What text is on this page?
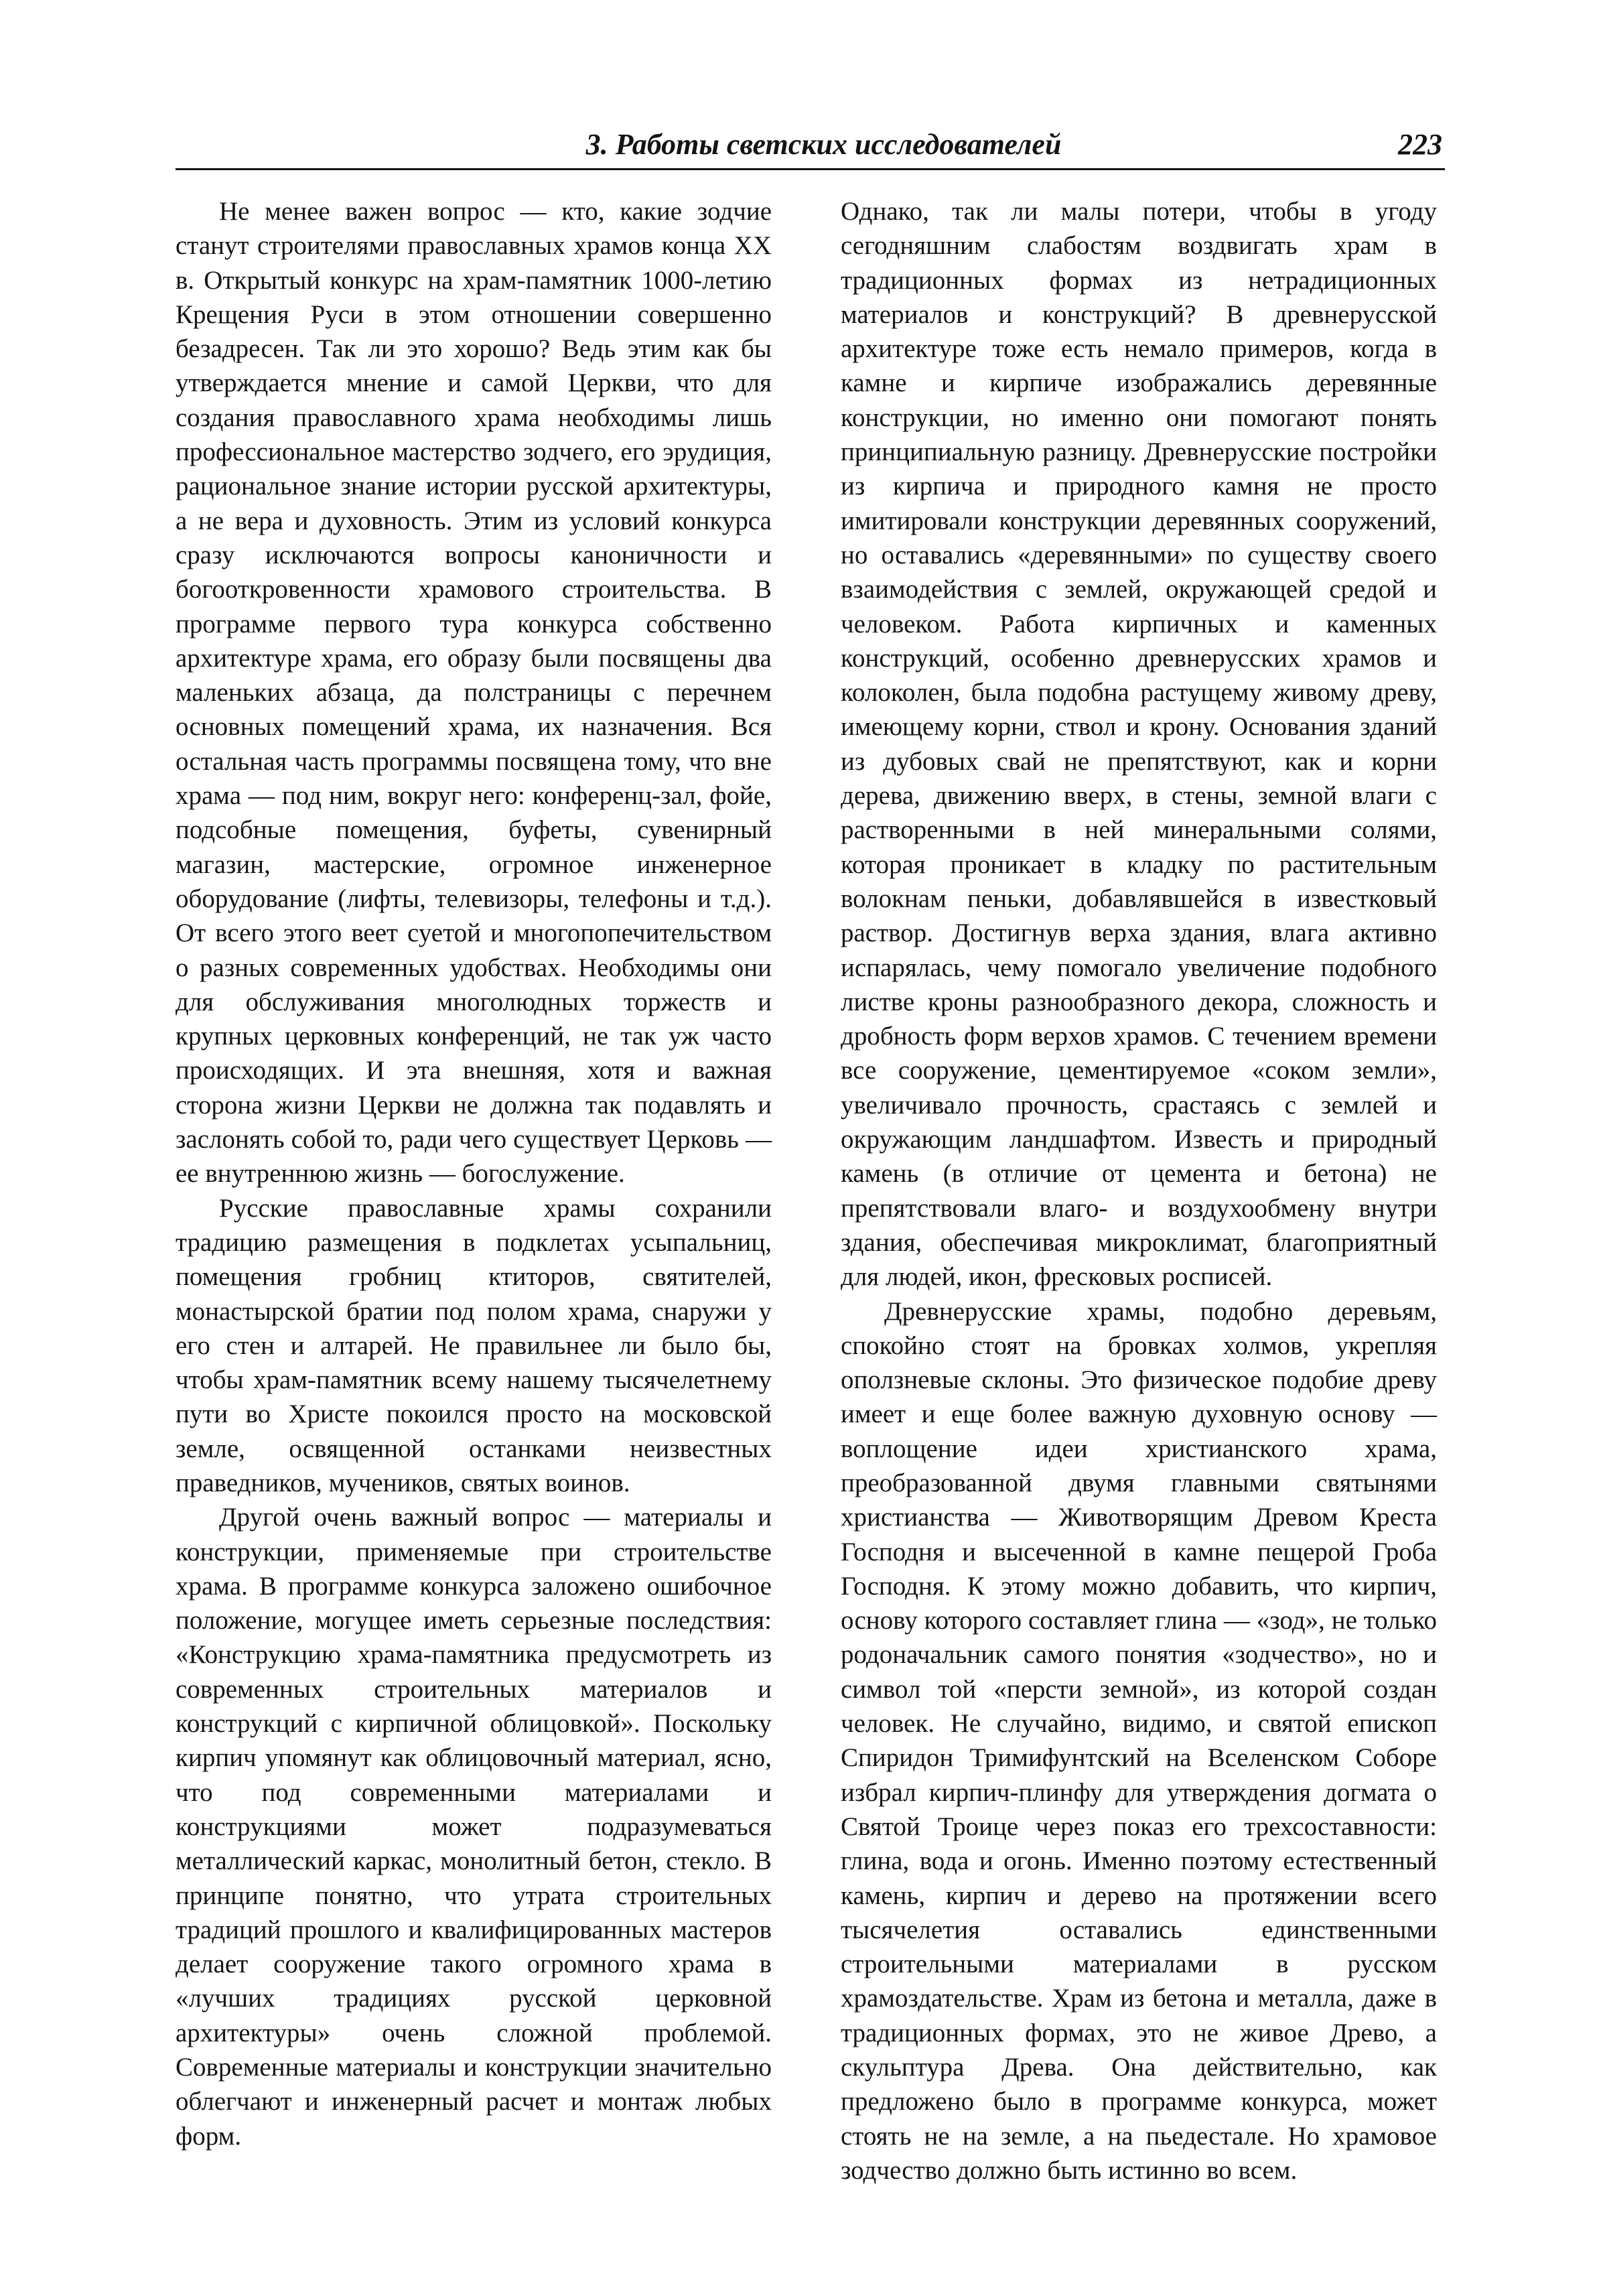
3. Работы светских исследователей	223

Не менее важен вопрос — кто, какие зодчие станут строителями православных храмов конца XX в. Открытый конкурс на храм-памятник 1000-летию Крещения Руси в этом отношении совершенно безадресен. Так ли это хорошо? Ведь этим как бы утверждается мнение и самой Церкви, что для создания православного храма необходимы лишь профессиональное мастерство зодчего, его эрудиция, рациональное знание истории русской архитектуры, а не вера и духовность. Этим из условий конкурса сразу исключаются вопросы каноничности и богооткровенности храмового строительства. В программе первого тура конкурса собственно архитектуре храма, его образу были посвящены два маленьких абзаца, да полстраницы с перечнем основных помещений храма, их назначения. Вся остальная часть программы посвящена тому, что вне храма — под ним, вокруг него: конференц-зал, фойе, подсобные помещения, буфеты, сувенирный магазин, мастерские, огромное инженерное оборудование (лифты, телевизоры, телефоны и т.д.). От всего этого веет суетой и многопопечительством о разных современных удобствах. Необходимы они для обслуживания многолюдных торжеств и крупных церковных конференций, не так уж часто происходящих. И эта внешняя, хотя и важная сторона жизни Церкви не должна так подавлять и заслонять собой то, ради чего существует Церковь — ее внутреннюю жизнь — богослужение.

Русские православные храмы сохранили традицию размещения в подклетах усыпальниц, помещения гробниц ктиторов, святителей, монастырской братии под полом храма, снаружи у его стен и алтарей. Не правильнее ли было бы, чтобы храм-памятник всему нашему тысячелетнему пути во Христе покоился просто на московской земле, освященной останками неизвестных праведников, мучеников, святых воинов.

Другой очень важный вопрос — материалы и конструкции, применяемые при строительстве храма. В программе конкурса заложено ошибочное положение, могущее иметь серьезные последствия: «Конструкцию храма-памятника предусмотреть из современных строительных материалов и конструкций с кирпичной облицовкой». Поскольку кирпич упомянут как облицовочный материал, ясно, что под современными материалами и конструкциями может подразумеваться металлический каркас, монолитный бетон, стекло. В принципе понятно, что утрата строительных традиций прошлого и квалифицированных мастеров делает сооружение такого огромного храма в «лучших традициях русской церковной архитектуры» очень сложной проблемой. Современные материалы и конструкции значительно облегчают и инженерный расчет и монтаж любых форм.

Однако, так ли малы потери, чтобы в угоду сегодняшним слабостям воздвигать храм в традиционных формах из нетрадиционных материалов и конструкций? В древнерусской архитектуре тоже есть немало примеров, когда в камне и кирпиче изображались деревянные конструкции, но именно они помогают понять принципиальную разницу. Древнерусские постройки из кирпича и природного камня не просто имитировали конструкции деревянных сооружений, но оставались «деревянными» по существу своего взаимодействия с землей, окружающей средой и человеком. Работа кирпичных и каменных конструкций, особенно древнерусских храмов и колоколен, была подобна растущему живому древу, имеющему корни, ствол и крону. Основания зданий из дубовых свай не препятствуют, как и корни дерева, движению вверх, в стены, земной влаги с растворенными в ней минеральными солями, которая проникает в кладку по растительным волокнам пеньки, добавлявшейся в известковый раствор. Достигнув верха здания, влага активно испарялась, чему помогало увеличение подобного листве кроны разнообразного декора, сложность и дробность форм верхов храмов. С течением времени все сооружение, цементируемое «соком земли», увеличивало прочность, срастаясь с землей и окружающим ландшафтом. Известь и природный камень (в отличие от цемента и бетона) не препятствовали влаго- и воздухообмену внутри здания, обеспечивая микроклимат, благоприятный для людей, икон, фресковых росписей.

Древнерусские храмы, подобно деревьям, спокойно стоят на бровках холмов, укрепляя оползневые склоны. Это физическое подобие древу имеет и еще более важную духовную основу — воплощение идеи христианского храма, преобразованной двумя главными святынями христианства — Животворящим Древом Креста Господня и высеченной в камне пещерой Гроба Господня. К этому можно добавить, что кирпич, основу которого составляет глина — «зод», не только родоначальник самого понятия «зодчество», но и символ той «персти земной», из которой создан человек. Не случайно, видимо, и святой епископ Спиридон Тримифунтский на Вселенском Соборе избрал кирпич-плинфу для утверждения догмата о Святой Троице через показ его трехсоставности: глина, вода и огонь. Именно поэтому естественный камень, кирпич и дерево на протяжении всего тысячелетия оставались единственными строительными материалами в русском храмоздательстве. Храм из бетона и металла, даже в традиционных формах, это не живое Древо, а скульптура Древа. Она действительно, как предложено было в программе конкурса, может стоять не на земле, а на пьедестале. Но храмовое зодчество должно быть истинно во всем.
